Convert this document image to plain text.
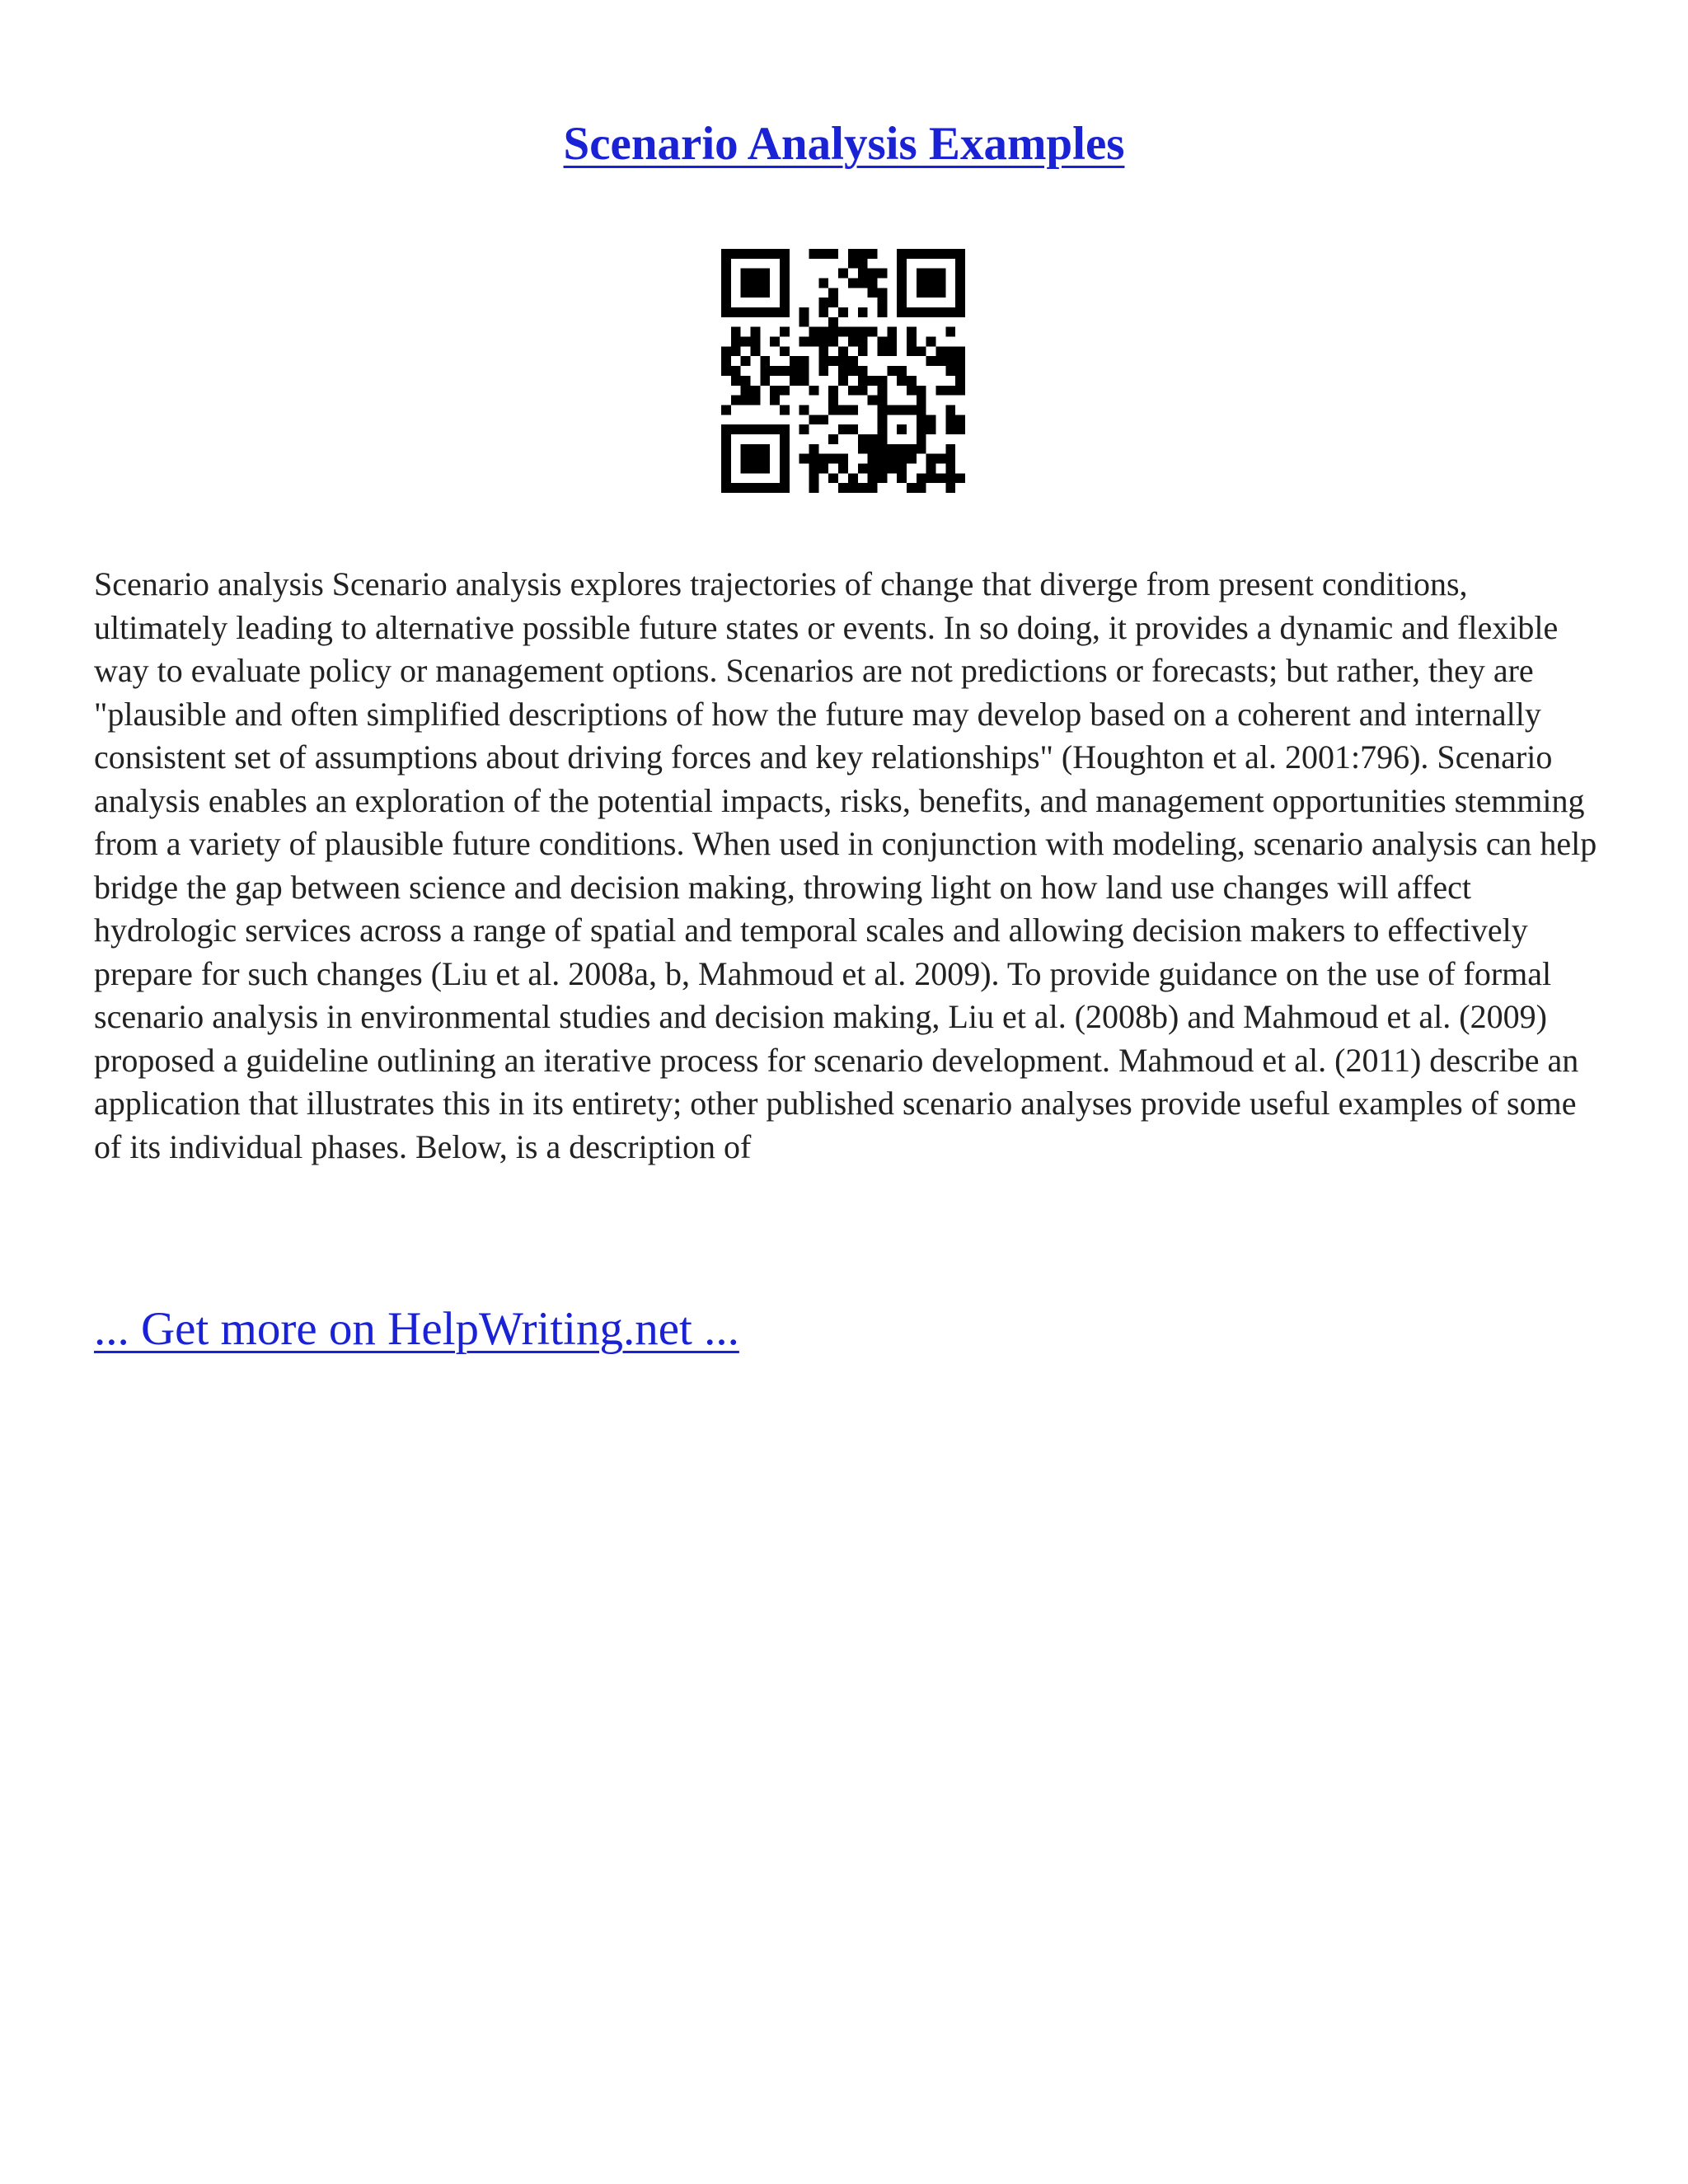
Scenario Analysis Examples

Scenario analysis Scenario analysis explores trajectories of change that diverge from present conditions, ultimately leading to alternative possible future states or events. In so doing, it provides a dynamic and flexible way to evaluate policy or management options. Scenarios are not predictions or forecasts; but rather, they are "plausible and often simplified descriptions of how the future may develop based on a coherent and internally consistent set of assumptions about driving forces and key relationships" (Houghton et al. 2001:796). Scenario analysis enables an exploration of the potential impacts, risks, benefits, and management opportunities stemming from a variety of plausible future conditions. When used in conjunction with modeling, scenario analysis can help bridge the gap between science and decision making, throwing light on how land use changes will affect hydrologic services across a range of spatial and temporal scales and allowing decision makers to effectively prepare for such changes (Liu et al. 2008a, b, Mahmoud et al. 2009). To provide guidance on the use of formal scenario analysis in environmental studies and decision making, Liu et al. (2008b) and Mahmoud et al. (2009) proposed a guideline outlining an iterative process for scenario development. Mahmoud et al. (2011) describe an application that illustrates this in its entirety; other published scenario analyses provide useful examples of some of its individual phases. Below, is a description of

... Get more on HelpWriting.net ...
